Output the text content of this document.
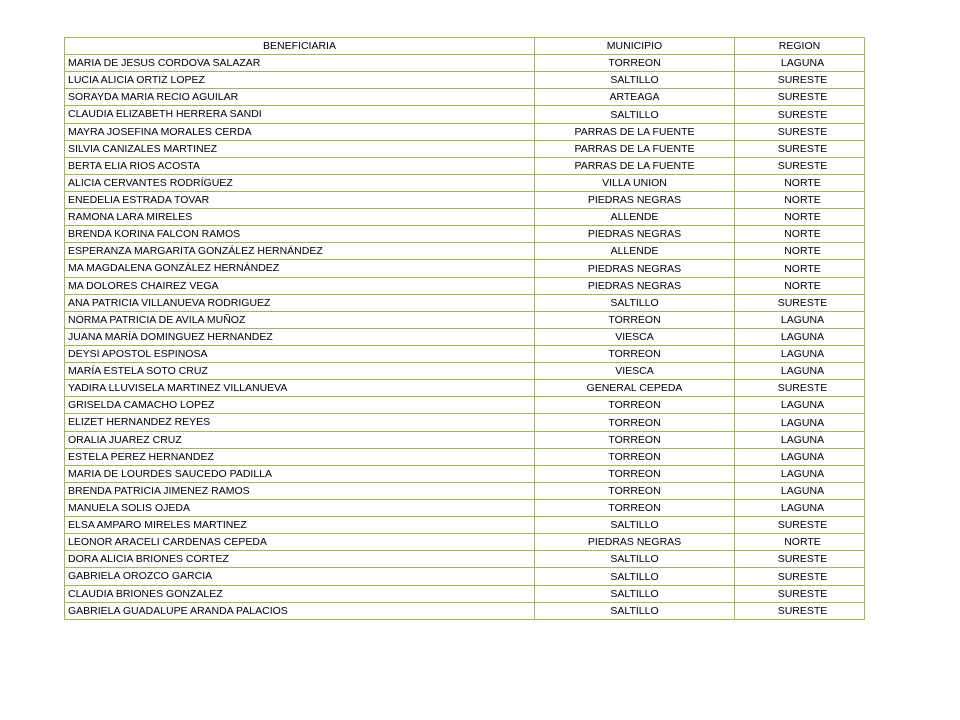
BENEFICIARIA	MUNICIPIO	REGION
MARIA DE JESUS CORDOVA SALAZAR	TORREON	LAGUNA
LUCIA ALICIA ORTIZ LOPEZ	SALTILLO	SURESTE
SORAYDA MARIA RECIO AGUILAR	ARTEAGA	SURESTE
CLAUDIA ELIZABETH HERRERA SANDI	SALTILLO	SURESTE
MAYRA JOSEFINA MORALES CERDA	PARRAS DE LA FUENTE	SURESTE
SILVIA CANIZALES MARTINEZ	PARRAS DE LA FUENTE	SURESTE
BERTA ELIA RIOS ACOSTA	PARRAS DE LA FUENTE	SURESTE
ALICIA CERVANTES RODRÍGUEZ	VILLA UNION	NORTE
ENEDELIA ESTRADA TOVAR	PIEDRAS NEGRAS	NORTE
RAMONA LARA MIRELES	ALLENDE	NORTE
BRENDA KORINA FALCON RAMOS	PIEDRAS NEGRAS	NORTE
ESPERANZA MARGARITA GONZÁLEZ HERNÁNDEZ	ALLENDE	NORTE
MA MAGDALENA GONZÁLEZ HERNÁNDEZ	PIEDRAS NEGRAS	NORTE
MA DOLORES CHAIREZ VEGA	PIEDRAS NEGRAS	NORTE
ANA PATRICIA VILLANUEVA RODRIGUEZ	SALTILLO	SURESTE
NORMA PATRICIA DE AVILA MUÑOZ	TORREON	LAGUNA
JUANA MARÍA DOMINGUEZ HERNANDEZ	VIESCA	LAGUNA
DEYSI APOSTOL ESPINOSA	TORREON	LAGUNA
MARÍA ESTELA SOTO CRUZ	VIESCA	LAGUNA
YADIRA LLUVISELA MARTINEZ VILLANUEVA	GENERAL CEPEDA	SURESTE
GRISELDA CAMACHO LOPEZ	TORREON	LAGUNA
ELIZET HERNANDEZ REYES	TORREON	LAGUNA
ORALIA JUAREZ CRUZ	TORREON	LAGUNA
ESTELA PEREZ HERNANDEZ	TORREON	LAGUNA
MARIA DE LOURDES SAUCEDO PADILLA	TORREON	LAGUNA
BRENDA PATRICIA JIMENEZ RAMOS	TORREON	LAGUNA
MANUELA SOLIS OJEDA	TORREON	LAGUNA
ELSA AMPARO MIRELES MARTINEZ	SALTILLO	SURESTE
LEONOR ARACELI CARDENAS CEPEDA	PIEDRAS NEGRAS	NORTE
DORA ALICIA BRIONES CORTEZ	SALTILLO	SURESTE
GABRIELA OROZCO GARCIA	SALTILLO	SURESTE
CLAUDIA BRIONES GONZALEZ	SALTILLO	SURESTE
GABRIELA GUADALUPE ARANDA PALACIOS	SALTILLO	SURESTE
